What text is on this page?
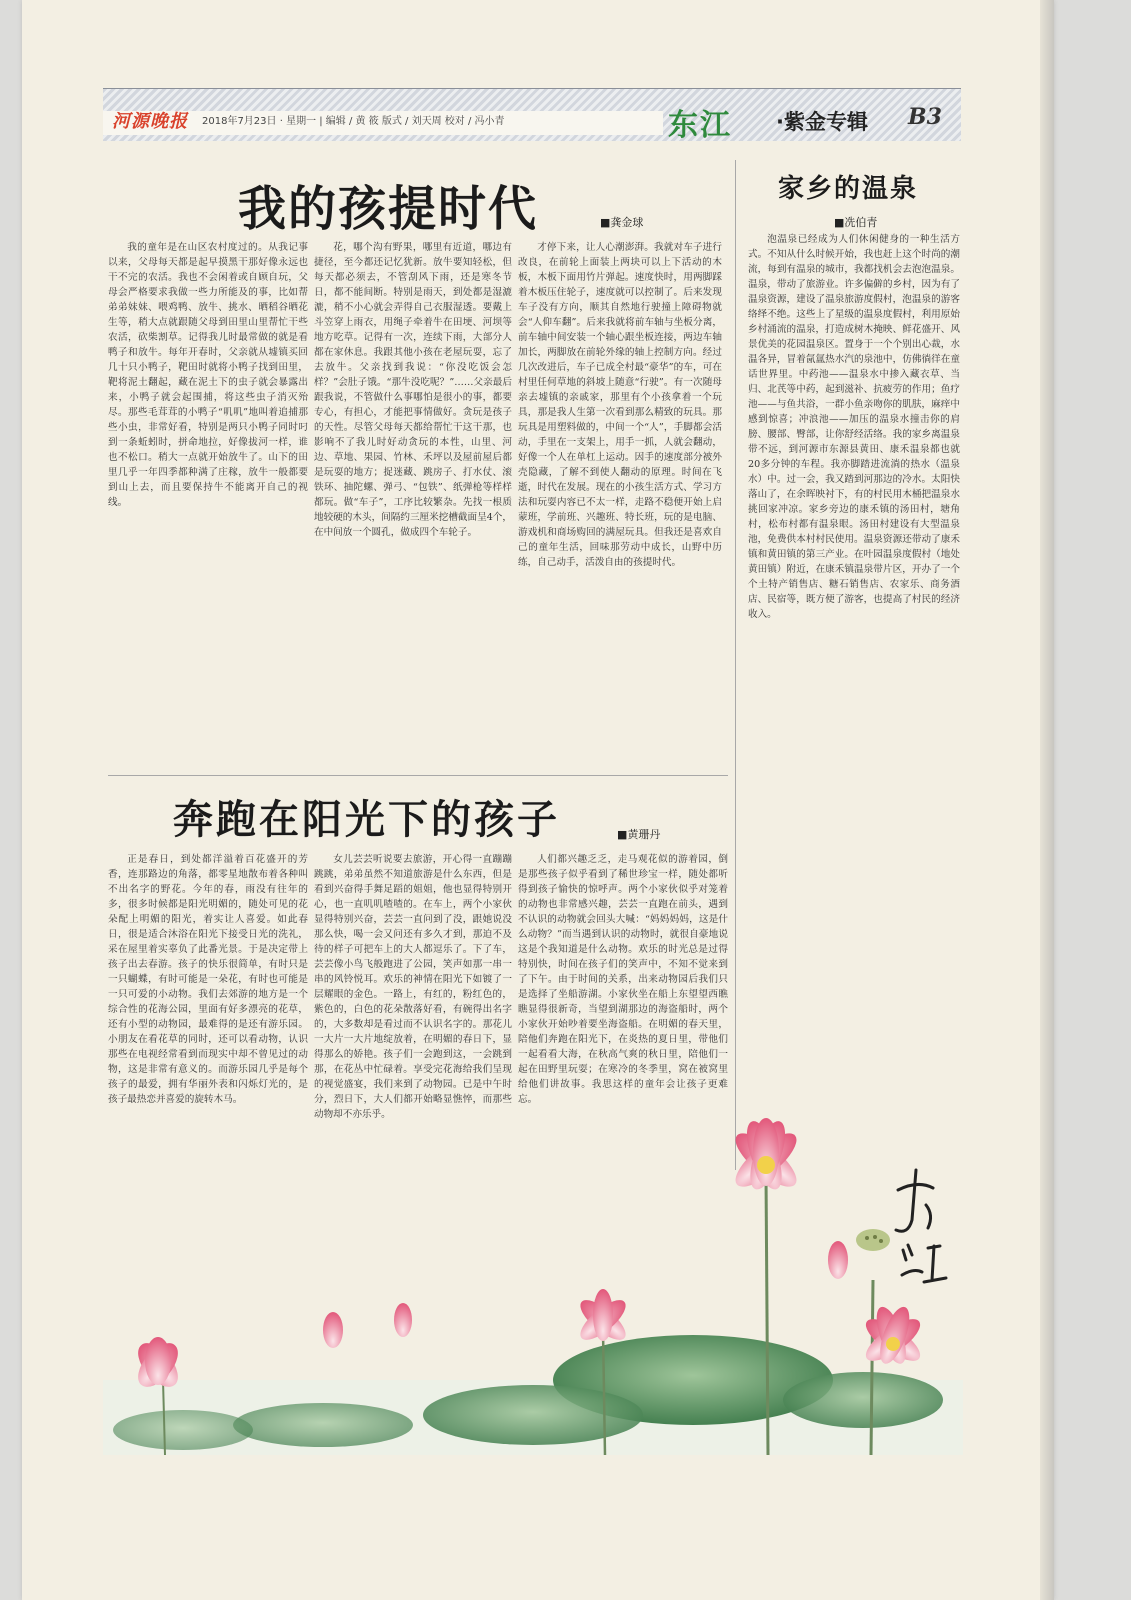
河源晚报 2018年7月23日 · 星期一 | 编辑 / 黄 筱 版式 / 刘天周 校对 / 冯小青	东江 ·紫金专辑 B3
我的孩提时代	■龚金球
家乡的温泉
■冼伯青

我的童年是在山区农村度过的。从我记事以来，父母每天都是起早摸黑干那好像永远也干不完的农活。我也不会闲着或自顾自玩，父母会严格要求我做一些力所能及的事，比如帮弟弟妹妹、喂鸡鸭、放牛、挑水、晒稻谷晒花生等，稍大点就跟随父母到田里山里帮忙干些农活，砍柴割草。记得我儿时最常做的就是看鸭子和放牛。每年开春时，父亲就从墟镇买回几十只小鸭子，靶田时就将小鸭子找到田里，靶将泥土翻起，藏在泥土下的虫子就会暴露出来，小鸭子就会起围捕，将这些虫子消灭殆尽。那些毛茸茸的小鸭子“叽叽”地叫着追捕那些小虫，非常好看，特别是两只小鸭子同时叼到一条蚯蚓时，拼命地拉，好像拔河一样，谁也不松口。稍大一点就开始放牛了。山下的田里几乎一年四季都种满了庄稼，放牛一般都要到山上去，而且要保持牛不能离开自己的视线。

花，哪个沟有野果，哪里有近道，哪边有捷径，至今都还记忆犹新。放牛要知轻松，但每天都必须去，不管刮风下雨，还是寒冬节日，都不能间断。特别是雨天，到处都是湿漉漉，稍不小心就会弄得自己衣服湿透。要戴上斗笠穿上雨衣，用绳子牵着牛在田埂、河坝等地方吃草。记得有一次，连续下雨，大部分人都在家休息。我跟其他小孩在老屋玩耍，忘了去放牛。父亲找到我说：“你没吃饭会怎样？”会肚子饿。“那牛没吃呢？”……父亲最后跟我说，不管做什么事哪怕是很小的事，都要专心，有担心，才能把事情做好。贪玩是孩子的天性。尽管父母每天都给帮忙干这干那，也影响不了我儿时好动贪玩的本性，山里、河边、草地、果园、竹林、禾坪以及屋前屋后都是玩耍的地方；捉迷藏、跳房子、打水仗、滚铁环、抽陀螺、弹弓、“包铁”、纸弹枪等样样都玩。做“车子”，工序比较繁杂。先找一根质地较硬的木头，间隔约三厘米挖槽截面呈4个，在中间放一个圆孔，做成四个车轮子。

才停下来，让人心潮澎湃。我就对车子进行改良，在前轮上面装上两块可以上下活动的木板，木板下面用竹片弹起。速度快时，用两脚踩着木板压住轮子，速度就可以控制了。后来发现车子没有方向，顺其自然地行驶撞上障碍物就会“人仰车翻”。后来我就将前车轴与坐板分离，前车轴中间安装一个轴心跟坐板连接，两边车轴加长，两脚放在前轮外缘的轴上控制方向。经过几次改进后，车子已成全村最“豪华”的车，可在村里任何草地的斜坡上随意“行驶”。有一次随母亲去墟镇的亲戚家，那里有个小孩拿着一个玩具，那是我人生第一次看到那么精致的玩具。那玩具是用塑料做的，中间一个“人”，手脚都会活动，手里在一支架上，用手一抓，人就会翻动，好像一个人在单杠上运动。因手的速度部分被外壳隐藏，了解不到使人翻动的原理。时间在飞逝，时代在发展。现在的小孩生活方式、学习方法和玩耍内容已不太一样，走路不稳便开始上启蒙班，学前班、兴趣班、特长班，玩的是电脑、游戏机和商场购回的满屋玩具。但我还是喜欢自己的童年生活，回味那劳动中成长，山野中历练，自己动手，活泼自由的孩提时代。

泡温泉已经成为人们休闲健身的一种生活方式。不知从什么时候开始，我也赶上这个时尚的潮流，每到有温泉的城市，我都找机会去泡泡温泉。温泉，带动了旅游业。许多偏僻的乡村，因为有了温泉资源，建设了温泉旅游度假村，泡温泉的游客络绎不绝。这些上了星级的温泉度假村，利用原始乡村涌流的温泉，打造成树木掩映、鲜花盛开、风景优美的花园温泉区。置身于一个个别出心裁，水温各异，冒着氤氲热水汽的泉池中，仿佛徜徉在童话世界里。中药池——温泉水中掺入藏衣草、当归、北芪等中药，起到滋补、抗疲劳的作用；鱼疗池——与鱼共浴，一群小鱼亲吻你的肌肤，麻痒中感到惊喜；冲浪池——加压的温泉水撞击你的肩膀、腰部、臀部，让你舒经活络。我的家乡离温泉带不远，到河源市东源县黄田、康禾温泉都也就20多分钟的车程。我亦脚踏进流淌的热水（温泉水）中。过一会，我又踏到河那边的冷水。太阳快落山了，在余晖映衬下，有的村民用木桶把温泉水挑回家冲凉。家乡旁边的康禾镇的汤田村，塘角村，松布村都有温泉眼。汤田村建设有大型温泉池，免费供本村村民使用。温泉资源还带动了康禾镇和黄田镇的第三产业。在叶园温泉度假村（地处黄田镇）附近，在康禾镇温泉带片区，开办了一个个土特产销售店、糖石销售店、农家乐、商务酒店、民宿等，既方便了游客，也提高了村民的经济收入。

奔跑在阳光下的孩子	■黄珊丹

正是春日，到处都洋溢着百花盛开的芳香，连那路边的角落，都零星地散布着各种叫不出名字的野花。今年的春，雨没有往年的多，很多时候都是阳光明媚的，随处可见的花朵配上明媚的阳光，着实让人喜爱。如此春日，很是适合沐浴在阳光下接受日光的洗礼，采在屋里着实辜负了此番光景。于是决定带上孩子出去春游。孩子的快乐很简单，有时只是一只蝴蝶，有时可能是一朵花，有时也可能是一只可爱的小动物。我们去郊游的地方是一个综合性的花海公园，里面有好多漂亮的花草，还有小型的动物园，最难得的是还有游乐园。小朋友在看花草的同时，还可以看动物，认识那些在电视经常看到而现实中却不曾见过的动物，这是非常有意义的。而游乐园几乎是每个孩子的最爱，拥有华丽外表和闪烁灯光的，是孩子最热恋并喜爱的旋转木马。

女儿芸芸听说要去旅游，开心得一直蹦蹦跳跳，弟弟虽然不知道旅游是什么东西，但是看到兴奋得手舞足蹈的姐姐，他也显得特别开心，也一直叽叽喳喳的。在车上，两个小家伙显得特别兴奋，芸芸一直问到了没，跟她说没那么快，喝一会又问还有多久才到，那迫不及待的样子可把车上的大人都逗乐了。下了车，芸芸像小鸟飞般跑进了公园，笑声如那一串一串的风铃悦耳。欢乐的神情在阳光下如镀了一层耀眼的金色。一路上，有红的，粉红色的，紫色的，白色的花朵散落好看，有碗得出名字的，大多数却是看过而不认识名字的。那花儿一大片一大片地绽放着，在明媚的春日下，显得那么的娇艳。孩子们一会跑到这，一会跳到那，在花丛中忙碌着。享受完花海给我们呈现的视觉盛宴，我们来到了动物园。已是中午时分，烈日下，大人们都开始略显憔悴，而那些动物却不亦乐乎。

人们都兴趣乏乏，走马观花似的游着园，倒是那些孩子似乎看到了稀世珍宝一样，随处都听得到孩子愉快的惊呼声。两个小家伙似乎对笼着的动物也非常感兴趣，芸芸一直跑在前头，遇到不认识的动物就会回头大喊：“妈妈妈妈，这是什么动物？”而当遇到认识的动物时，就很自豪地说这是个我知道是什么动物。欢乐的时光总是过得特别快，时间在孩子们的笑声中，不知不觉来到了下午。由于时间的关系，出来动物园后我们只是选择了坐船游湖。小家伙坐在船上东望望西瞧瞧显得很新奇，当望到湖那边的海盗船时，两个小家伙开始吵着要坐海盗船。在明媚的春天里，陪他们奔跑在阳光下，在炎热的夏日里，带他们一起看看大海，在秋高气爽的秋日里，陪他们一起在田野里玩耍；在寒冷的冬季里，窝在被窝里给他们讲故事。我思这样的童年会让孩子更难忘。
